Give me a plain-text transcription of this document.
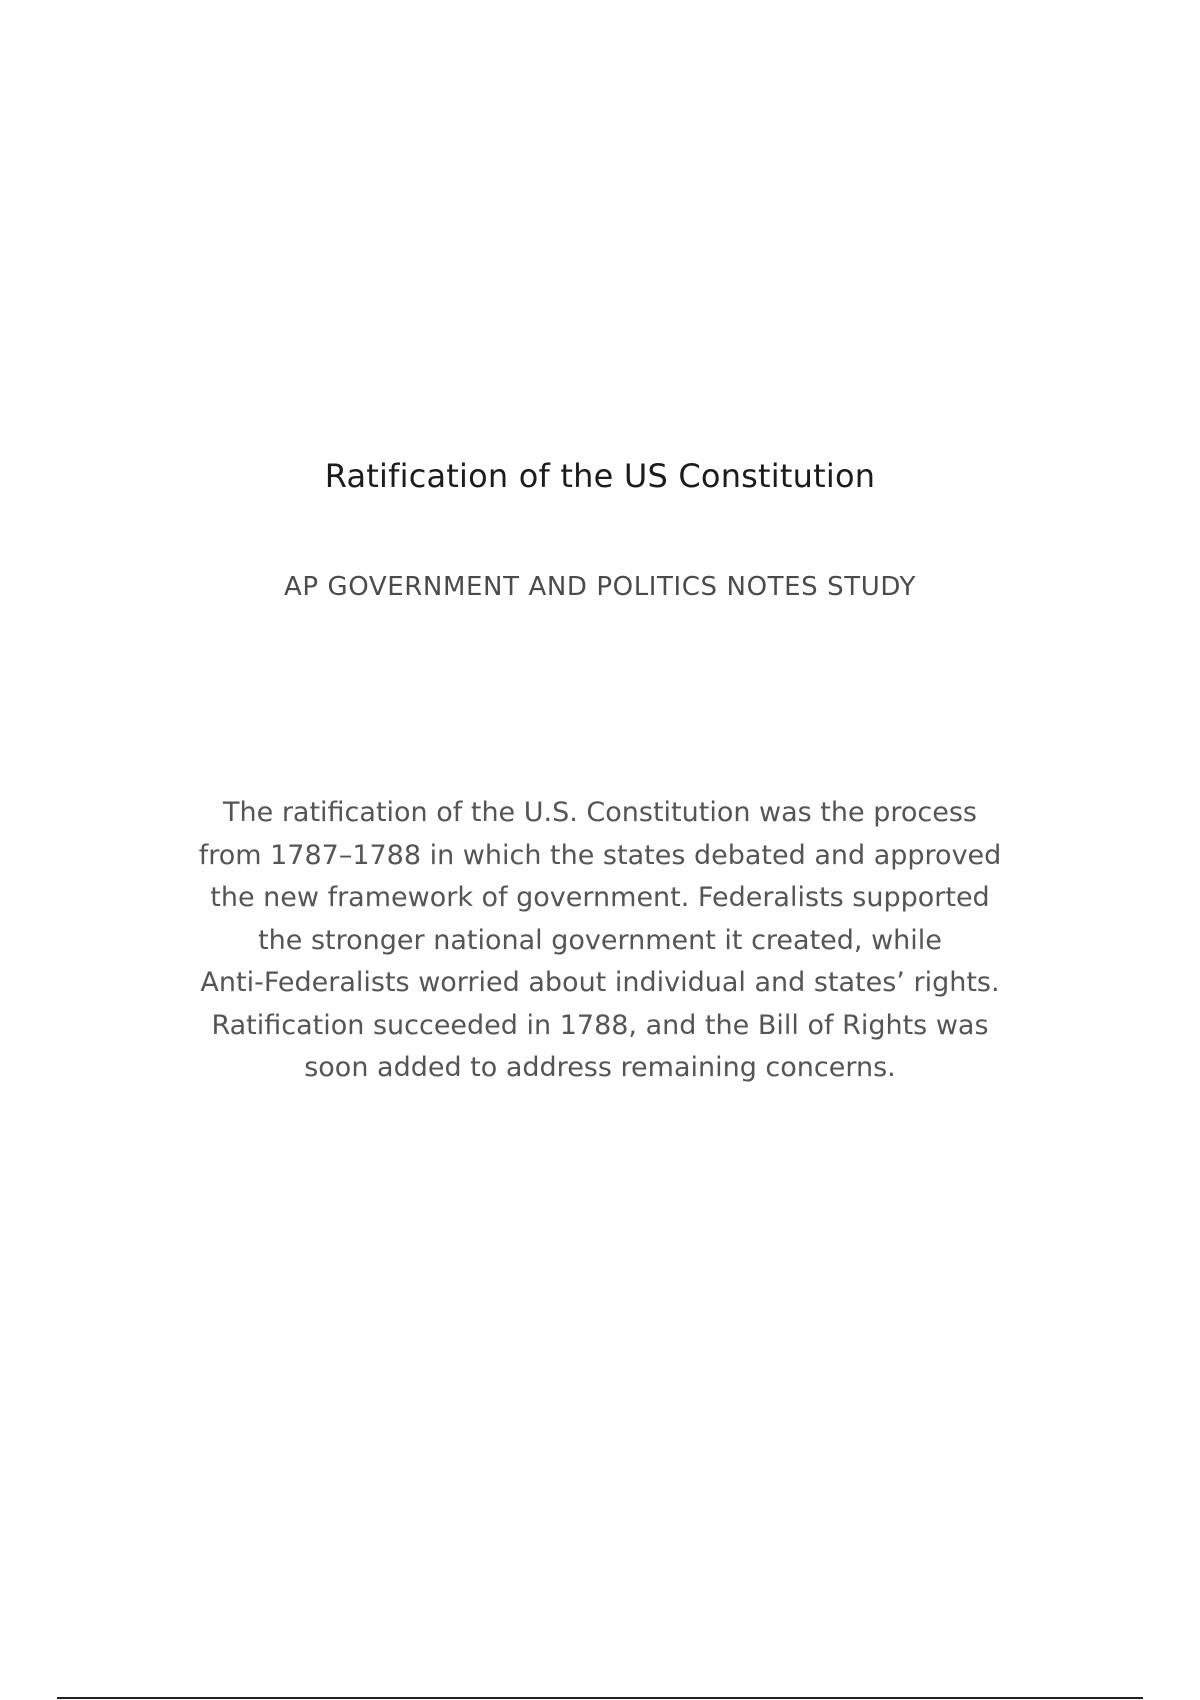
Ratification of the US Constitution
AP GOVERNMENT AND POLITICS NOTES STUDY
The ratification of the U.S. Constitution was the process
from 1787–1788 in which the states debated and approved
the new framework of government. Federalists supported
the stronger national government it created, while
Anti-Federalists worried about individual and states’ rights.
Ratification succeeded in 1788, and the Bill of Rights was
soon added to address remaining concerns.
